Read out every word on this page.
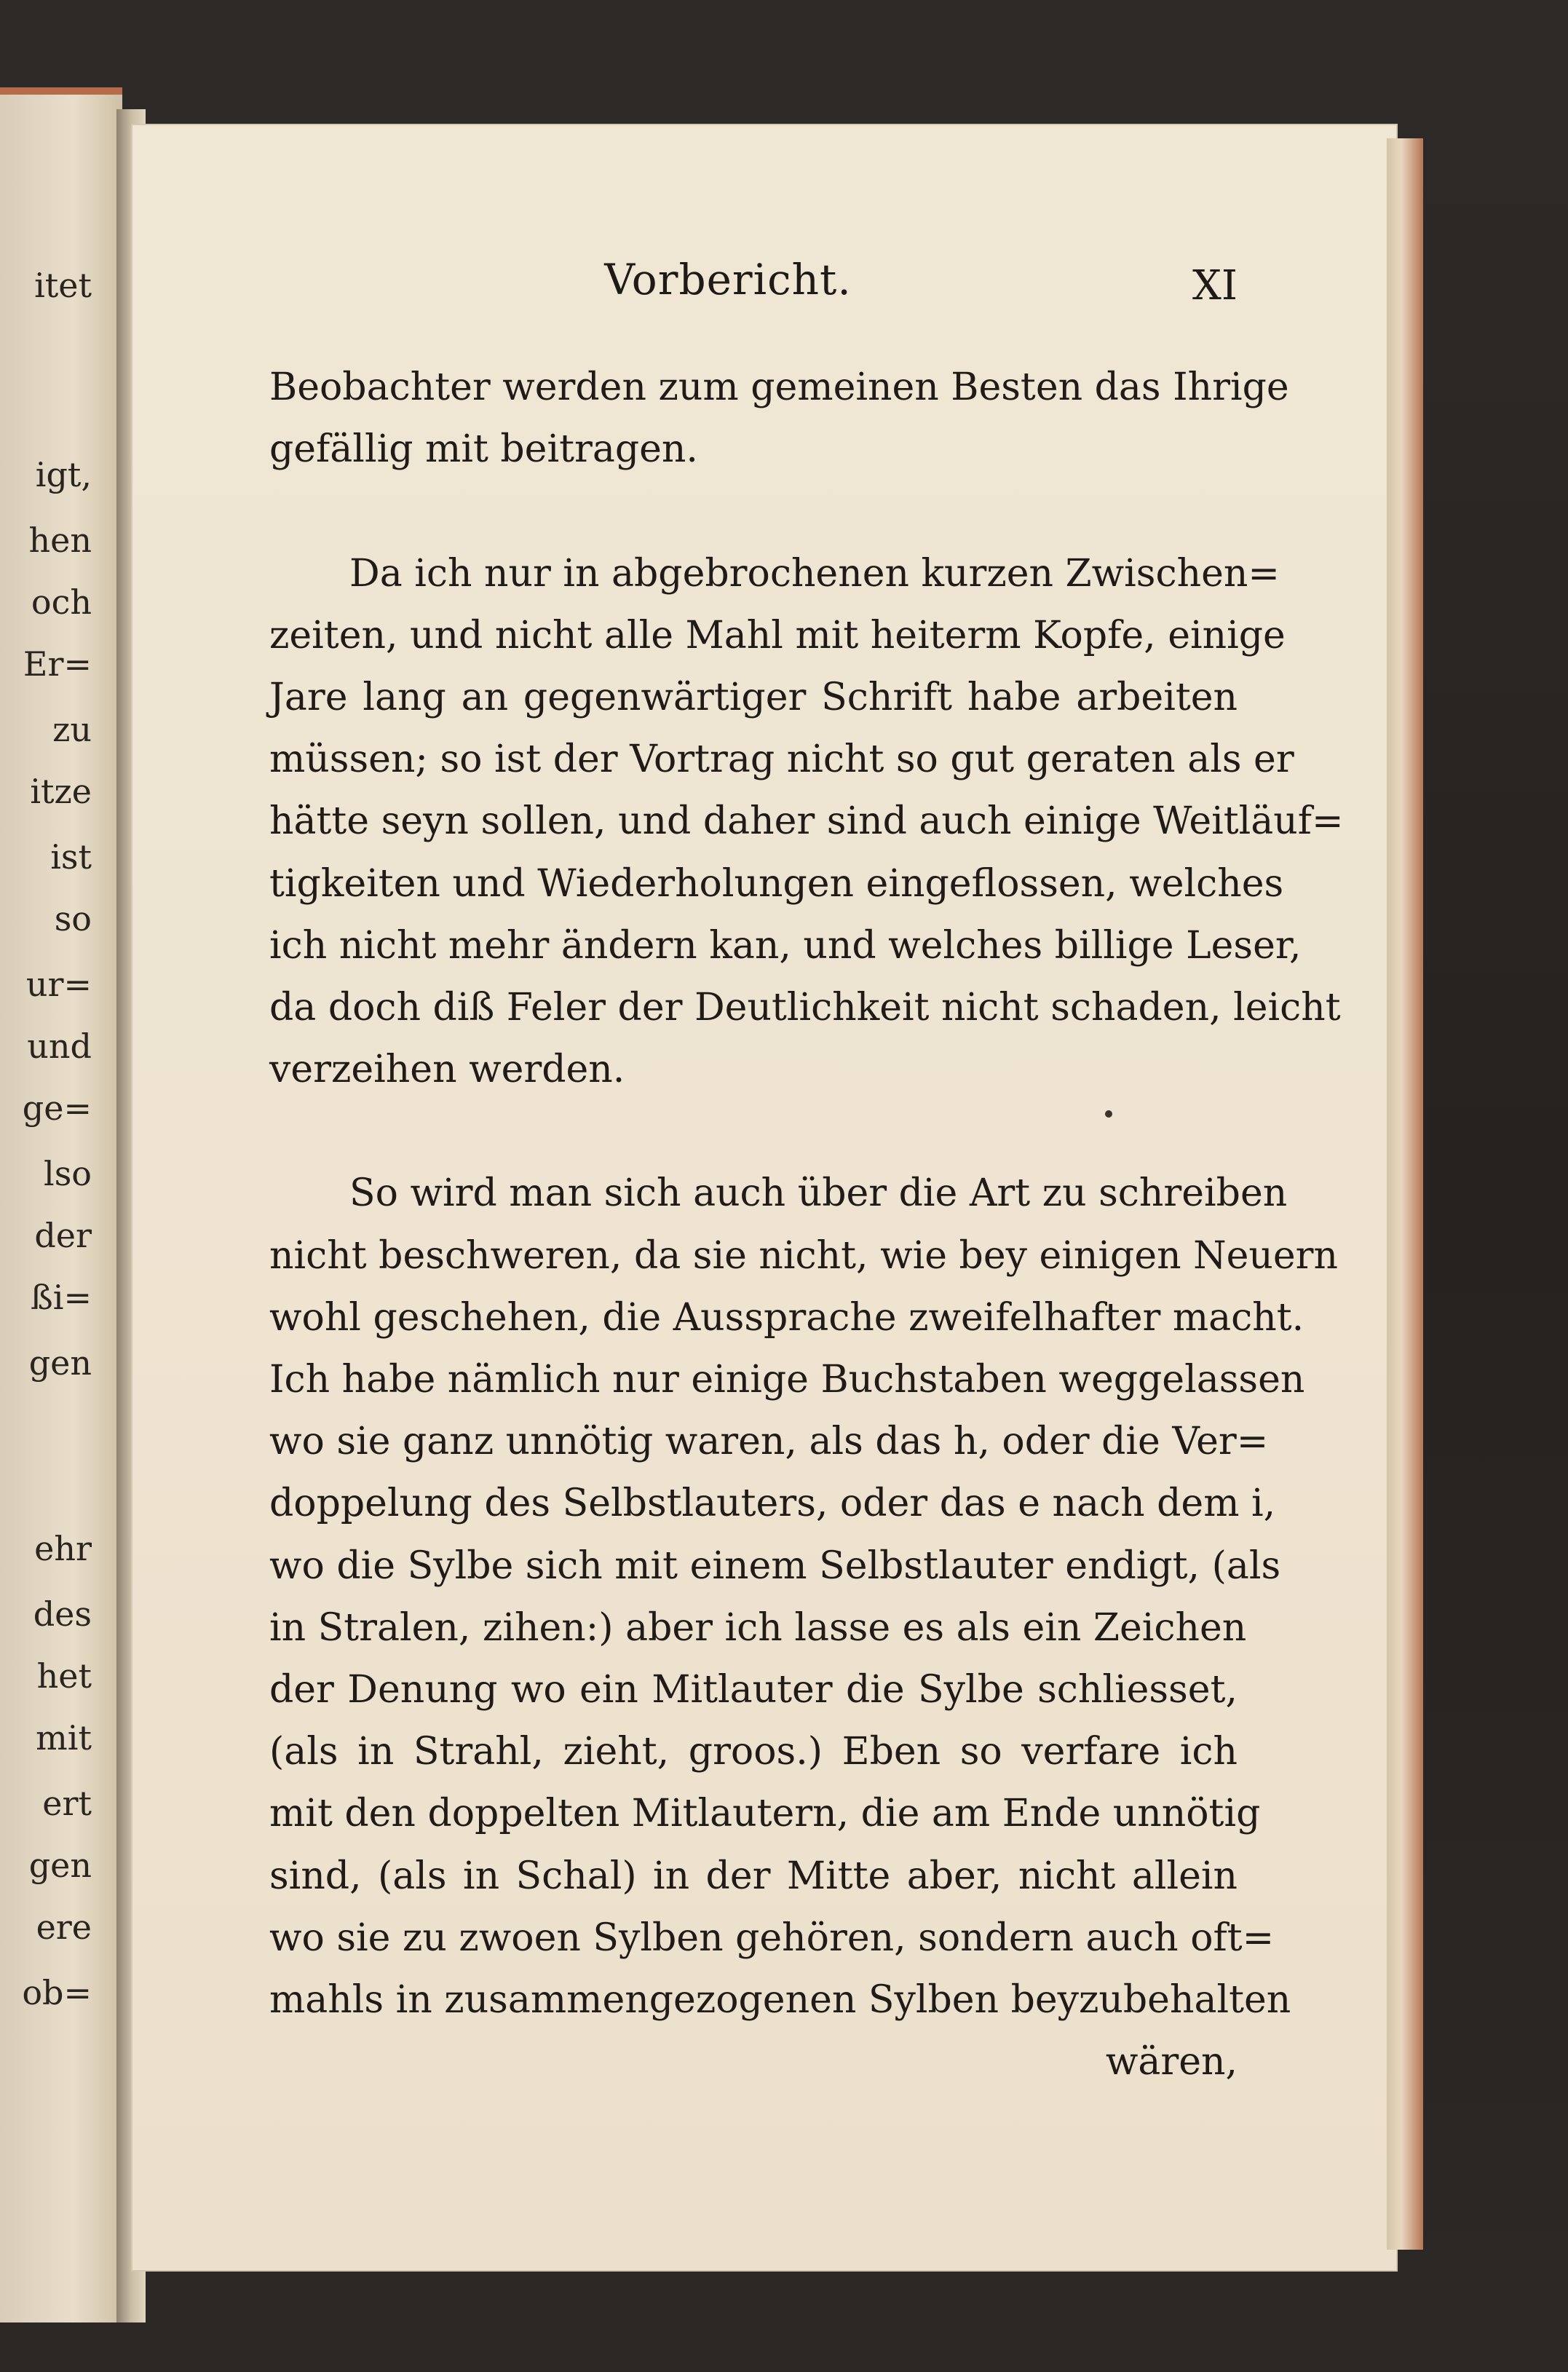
itet
igt,
hen
och
Er=
zu
itze
ist
so
ur=
und
ge=
lso
der
ßi=
gen
ehr
des
het
mit
ert
gen
ere
ob=
Vorbericht.	XI
Beobachter werden zum gemeinen Besten das Ihrige
gefällig mit beitragen.
Da ich nur in abgebrochenen kurzen Zwischen=
zeiten, und nicht alle Mahl mit heiterm Kopfe, einige
Jare lang an gegenwärtiger Schrift habe arbeiten
müssen; so ist der Vortrag nicht so gut geraten als er
hätte seyn sollen, und daher sind auch einige Weitläuf=
tigkeiten und Wiederholungen eingeflossen, welches
ich nicht mehr ändern kan, und welches billige Leser,
da doch diß Feler der Deutlichkeit nicht schaden, leicht
verzeihen werden.
So wird man sich auch über die Art zu schreiben
nicht beschweren, da sie nicht, wie bey einigen Neuern
wohl geschehen, die Aussprache zweifelhafter macht.
Ich habe nämlich nur einige Buchstaben weggelassen
wo sie ganz unnötig waren, als das h, oder die Ver=
doppelung des Selbstlauters, oder das e nach dem i,
wo die Sylbe sich mit einem Selbstlauter endigt, (als
in Stralen, zihen:) aber ich lasse es als ein Zeichen
der Denung wo ein Mitlauter die Sylbe schliesset,
(als in Strahl, zieht, groos.) Eben so verfare ich
mit den doppelten Mitlautern, die am Ende unnötig
sind, (als in Schal) in der Mitte aber, nicht allein
wo sie zu zwoen Sylben gehören, sondern auch oft=
mahls in zusammengezogenen Sylben beyzubehalten
wären,
